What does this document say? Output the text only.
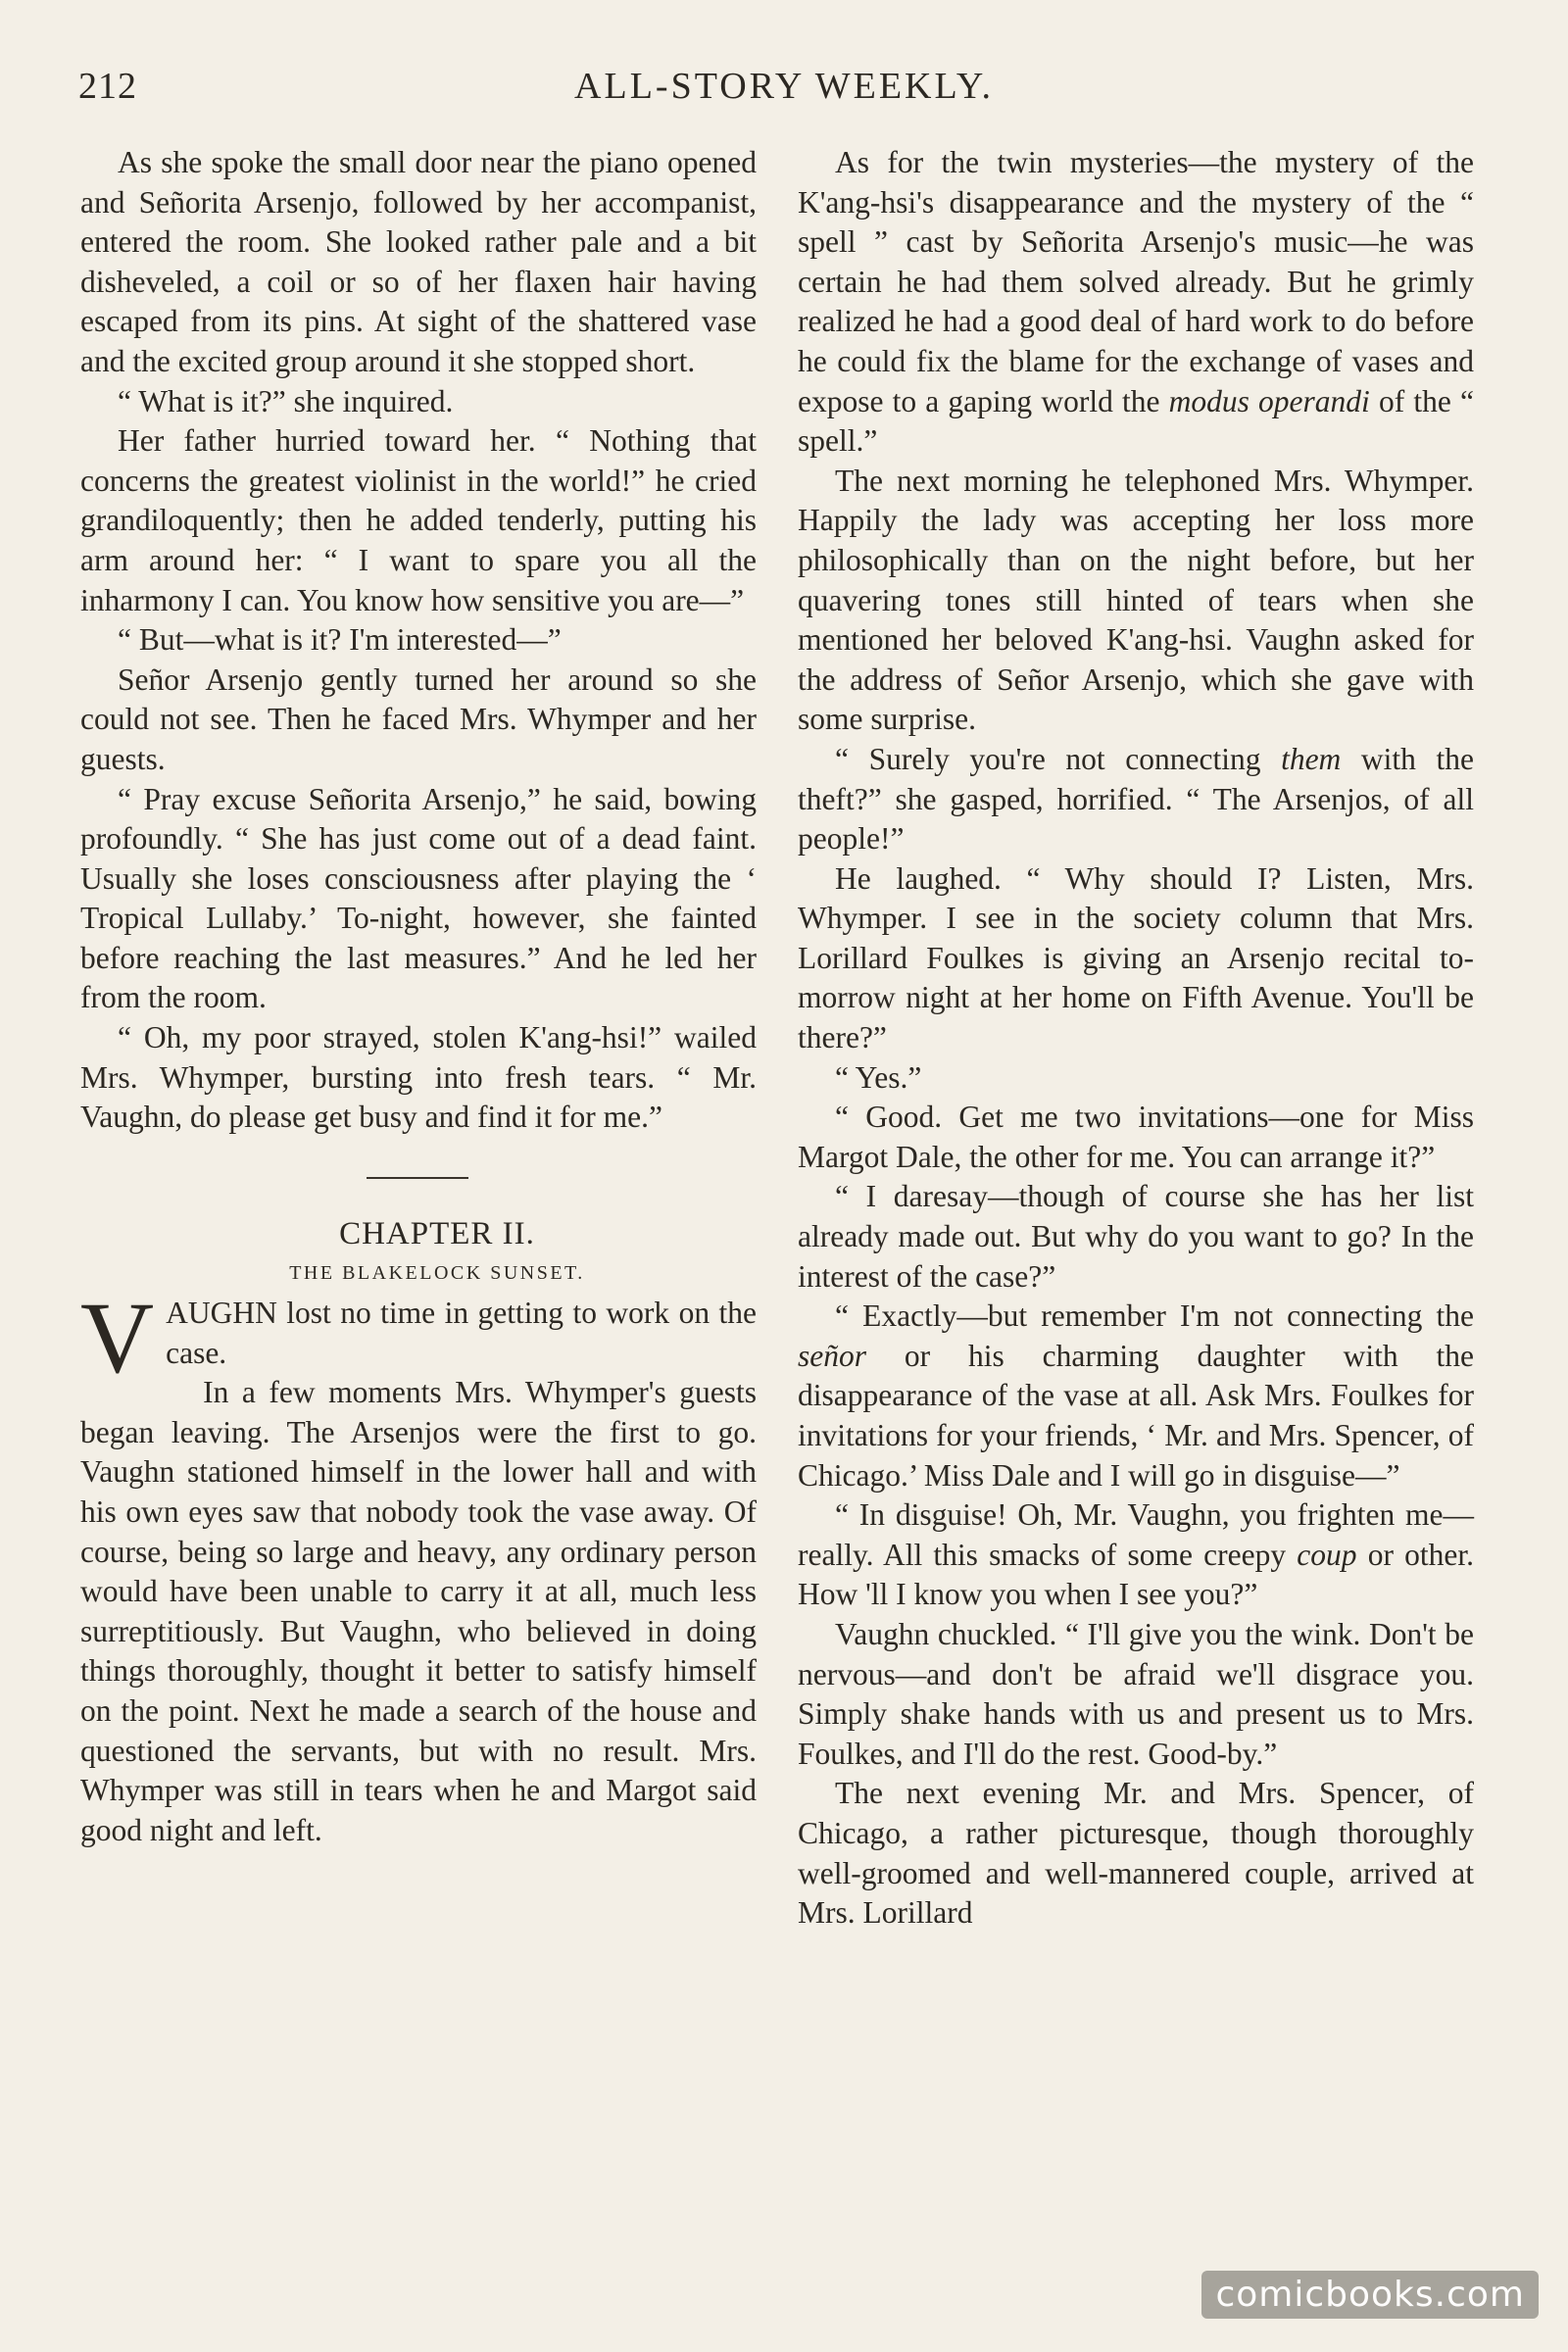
212	ALL-STORY WEEKLY.

As she spoke the small door near the piano opened and Señorita Arsenjo, followed by her accompanist, entered the room. She looked rather pale and a bit disheveled, a coil or so of her flaxen hair having escaped from its pins. At sight of the shattered vase and the excited group around it she stopped short.

“ What is it?” she inquired.

Her father hurried toward her. “ Nothing that concerns the greatest violinist in the world!” he cried grandiloquently; then he added tenderly, putting his arm around her: “ I want to spare you all the inharmony I can. You know how sensitive you are—”

“ But—what is it? I'm interested—”

Señor Arsenjo gently turned her around so she could not see. Then he faced Mrs. Whymper and her guests.

“ Pray excuse Señorita Arsenjo,” he said, bowing profoundly. “ She has just come out of a dead faint. Usually she loses consciousness after playing the ‘ Tropical Lullaby.’ To-night, however, she fainted before reaching the last measures.” And he led her from the room.

“ Oh, my poor strayed, stolen K'ang-hsi!” wailed Mrs. Whymper, bursting into fresh tears. “ Mr. Vaughn, do please get busy and find it for me.”

CHAPTER II.

THE BLAKELOCK SUNSET.

VAUGHN lost no time in getting to work on the case.

In a few moments Mrs. Whymper's guests began leaving. The Arsenjos were the first to go. Vaughn stationed himself in the lower hall and with his own eyes saw that nobody took the vase away. Of course, being so large and heavy, any ordinary person would have been unable to carry it at all, much less surreptitiously. But Vaughn, who believed in doing things thoroughly, thought it better to satisfy himself on the point. Next he made a search of the house and questioned the servants, but with no result. Mrs. Whymper was still in tears when he and Margot said good night and left.

As for the twin mysteries—the mystery of the K'ang-hsi's disappearance and the mystery of the “ spell ” cast by Señorita Arsenjo's music—he was certain he had them solved already. But he grimly realized he had a good deal of hard work to do before he could fix the blame for the exchange of vases and expose to a gaping world the modus operandi of the “ spell.”

The next morning he telephoned Mrs. Whymper. Happily the lady was accepting her loss more philosophically than on the night before, but her quavering tones still hinted of tears when she mentioned her beloved K'ang-hsi. Vaughn asked for the address of Señor Arsenjo, which she gave with some surprise.

“ Surely you're not connecting them with the theft?” she gasped, horrified. “ The Arsenjos, of all people!”

He laughed. “ Why should I? Listen, Mrs. Whymper. I see in the society column that Mrs. Lorillard Foulkes is giving an Arsenjo recital to-morrow night at her home on Fifth Avenue. You'll be there?”

“ Yes.”

“ Good. Get me two invitations—one for Miss Margot Dale, the other for me. You can arrange it?”

“ I daresay—though of course she has her list already made out. But why do you want to go? In the interest of the case?”

“ Exactly—but remember I'm not connecting the señor or his charming daughter with the disappearance of the vase at all. Ask Mrs. Foulkes for invitations for your friends, ‘ Mr. and Mrs. Spencer, of Chicago.’ Miss Dale and I will go in disguise—”

“ In disguise! Oh, Mr. Vaughn, you frighten me—really. All this smacks of some creepy coup or other. How 'll I know you when I see you?”

Vaughn chuckled. “ I'll give you the wink. Don't be nervous—and don't be afraid we'll disgrace you. Simply shake hands with us and present us to Mrs. Foulkes, and I'll do the rest. Good-by.”

The next evening Mr. and Mrs. Spencer, of Chicago, a rather picturesque, though thoroughly well-groomed and well-mannered couple, arrived at Mrs. Lorillard

comicbooks.com
